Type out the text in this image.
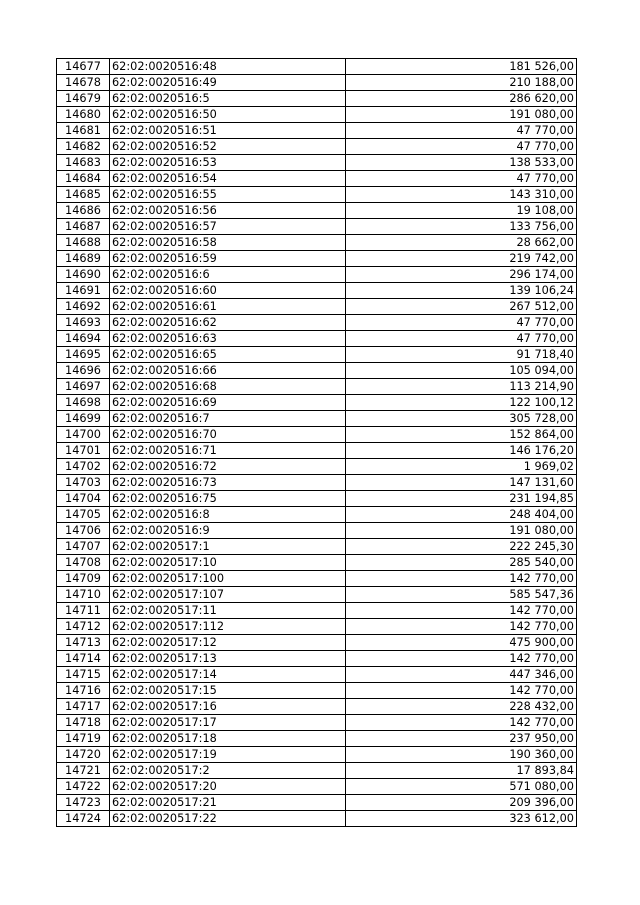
14677	62:02:0020516:48	181 526,00
14678	62:02:0020516:49	210 188,00
14679	62:02:0020516:5	286 620,00
14680	62:02:0020516:50	191 080,00
14681	62:02:0020516:51	47 770,00
14682	62:02:0020516:52	47 770,00
14683	62:02:0020516:53	138 533,00
14684	62:02:0020516:54	47 770,00
14685	62:02:0020516:55	143 310,00
14686	62:02:0020516:56	19 108,00
14687	62:02:0020516:57	133 756,00
14688	62:02:0020516:58	28 662,00
14689	62:02:0020516:59	219 742,00
14690	62:02:0020516:6	296 174,00
14691	62:02:0020516:60	139 106,24
14692	62:02:0020516:61	267 512,00
14693	62:02:0020516:62	47 770,00
14694	62:02:0020516:63	47 770,00
14695	62:02:0020516:65	91 718,40
14696	62:02:0020516:66	105 094,00
14697	62:02:0020516:68	113 214,90
14698	62:02:0020516:69	122 100,12
14699	62:02:0020516:7	305 728,00
14700	62:02:0020516:70	152 864,00
14701	62:02:0020516:71	146 176,20
14702	62:02:0020516:72	1 969,02
14703	62:02:0020516:73	147 131,60
14704	62:02:0020516:75	231 194,85
14705	62:02:0020516:8	248 404,00
14706	62:02:0020516:9	191 080,00
14707	62:02:0020517:1	222 245,30
14708	62:02:0020517:10	285 540,00
14709	62:02:0020517:100	142 770,00
14710	62:02:0020517:107	585 547,36
14711	62:02:0020517:11	142 770,00
14712	62:02:0020517:112	142 770,00
14713	62:02:0020517:12	475 900,00
14714	62:02:0020517:13	142 770,00
14715	62:02:0020517:14	447 346,00
14716	62:02:0020517:15	142 770,00
14717	62:02:0020517:16	228 432,00
14718	62:02:0020517:17	142 770,00
14719	62:02:0020517:18	237 950,00
14720	62:02:0020517:19	190 360,00
14721	62:02:0020517:2	17 893,84
14722	62:02:0020517:20	571 080,00
14723	62:02:0020517:21	209 396,00
14724	62:02:0020517:22	323 612,00
